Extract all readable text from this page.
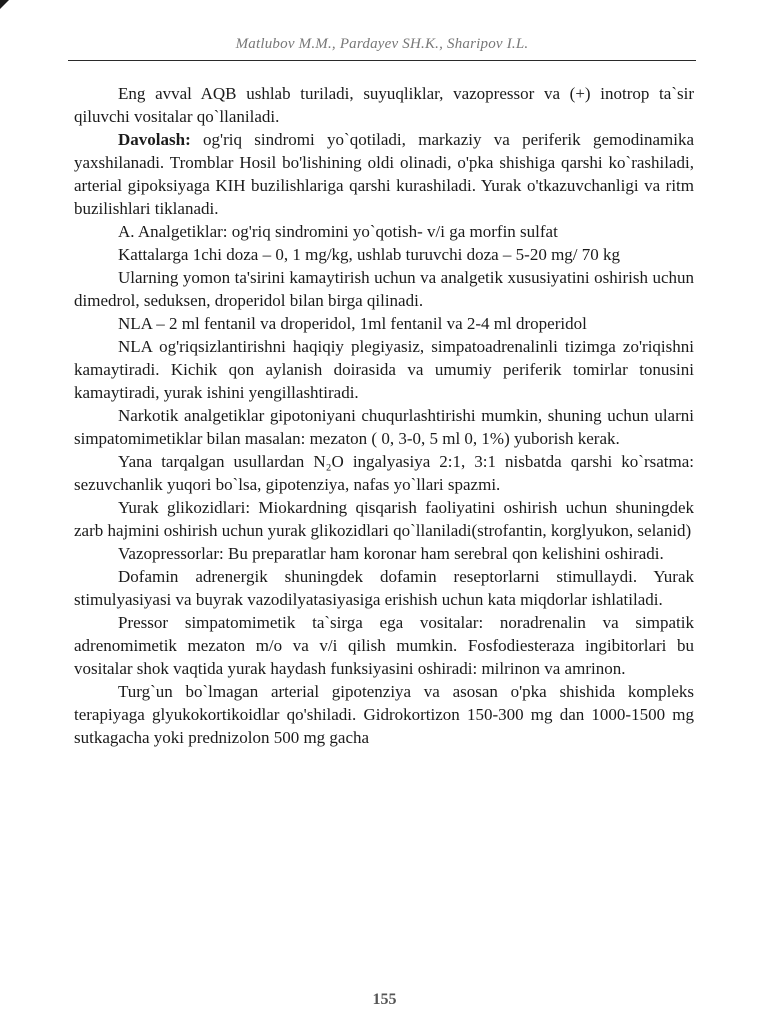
Matlubov M.M., Pardayev SH.K., Sharipov I.L.

Eng avval AQB ushlab turiladi, suyuqliklar, vazopressor va (+) inotrop ta`sir qiluvchi vositalar qo`llaniladi.

Davolash: og'riq sindromi yo`qotiladi, markaziy va periferik gemodinamika yaxshilanadi. Tromblar Hosil bo'lishining oldi olinadi, o'pka shishiga qarshi ko`rashiladi, arterial gipoksiyaga KIH buzilishlariga qarshi kurashiladi. Yurak o'tkazuvchanligi va ritm buzilishlari tiklanadi.

A. Analgetiklar: og'riq sindromini yo`qotish- v/i ga morfin sulfat

Kattalarga 1chi doza – 0, 1 mg/kg, ushlab turuvchi doza – 5-20 mg/ 70 kg

Ularning yomon ta'sirini kamaytirish uchun va analgetik xususiyatini oshirish uchun dimedrol, seduksen, droperidol bilan birga qilinadi.

NLA – 2 ml fentanil va droperidol, 1ml fentanil va 2-4 ml droperidol

NLA og'riqsizlantirishni haqiqiy plegiyasiz, simpatoadrenalinli tizimga zo'riqishni kamaytiradi. Kichik qon aylanish doirasida va umumiy periferik tomirlar tonusini kamaytiradi, yurak ishini yengillashtiradi.

Narkotik analgetiklar gipotoniyani chuqurlashtirishi mumkin, shuning uchun ularni simpatomimetiklar bilan masalan: mezaton ( 0, 3-0, 5 ml 0, 1%) yuborish kerak.

Yana tarqalgan usullardan N₂O ingalyasiya 2:1, 3:1 nisbatda qarshi ko`rsatma: sezuvchanlik yuqori bo`lsa, gipotenziya, nafas yo`llari spazmi.

Yurak glikozidlari: Miokardning qisqarish faoliyatini oshirish uchun shuningdek zarb hajmini oshirish uchun yurak glikozidlari qo`llaniladi(strofantin, korglyukon, selanid)

Vazopressorlar: Bu preparatlar ham koronar ham serebral qon kelishini oshiradi.

Dofamin adrenergik shuningdek dofamin reseptorlarni stimullaydi. Yurak stimulyasiyasi va buyrak vazodilyatasiyasiga erishish uchun kata miqdorlar ishlatiladi.

Pressor simpatomimetik ta`sirga ega vositalar: noradrenalin va simpatik adrenomimetik mezaton m/o va v/i qilish mumkin. Fosfodiesteraza ingibitorlari bu vositalar shok vaqtida yurak haydash funksiyasini oshiradi: milrinon va amrinon.

Turg`un bo`lmagan arterial gipotenziya va asosan o'pka shishida kompleks terapiyaga glyukokortikoidlar qo'shiladi. Gidrokortizon 150-300 mg dan 1000-1500 mg sutkagacha yoki prednizolon 500 mg gacha

155
